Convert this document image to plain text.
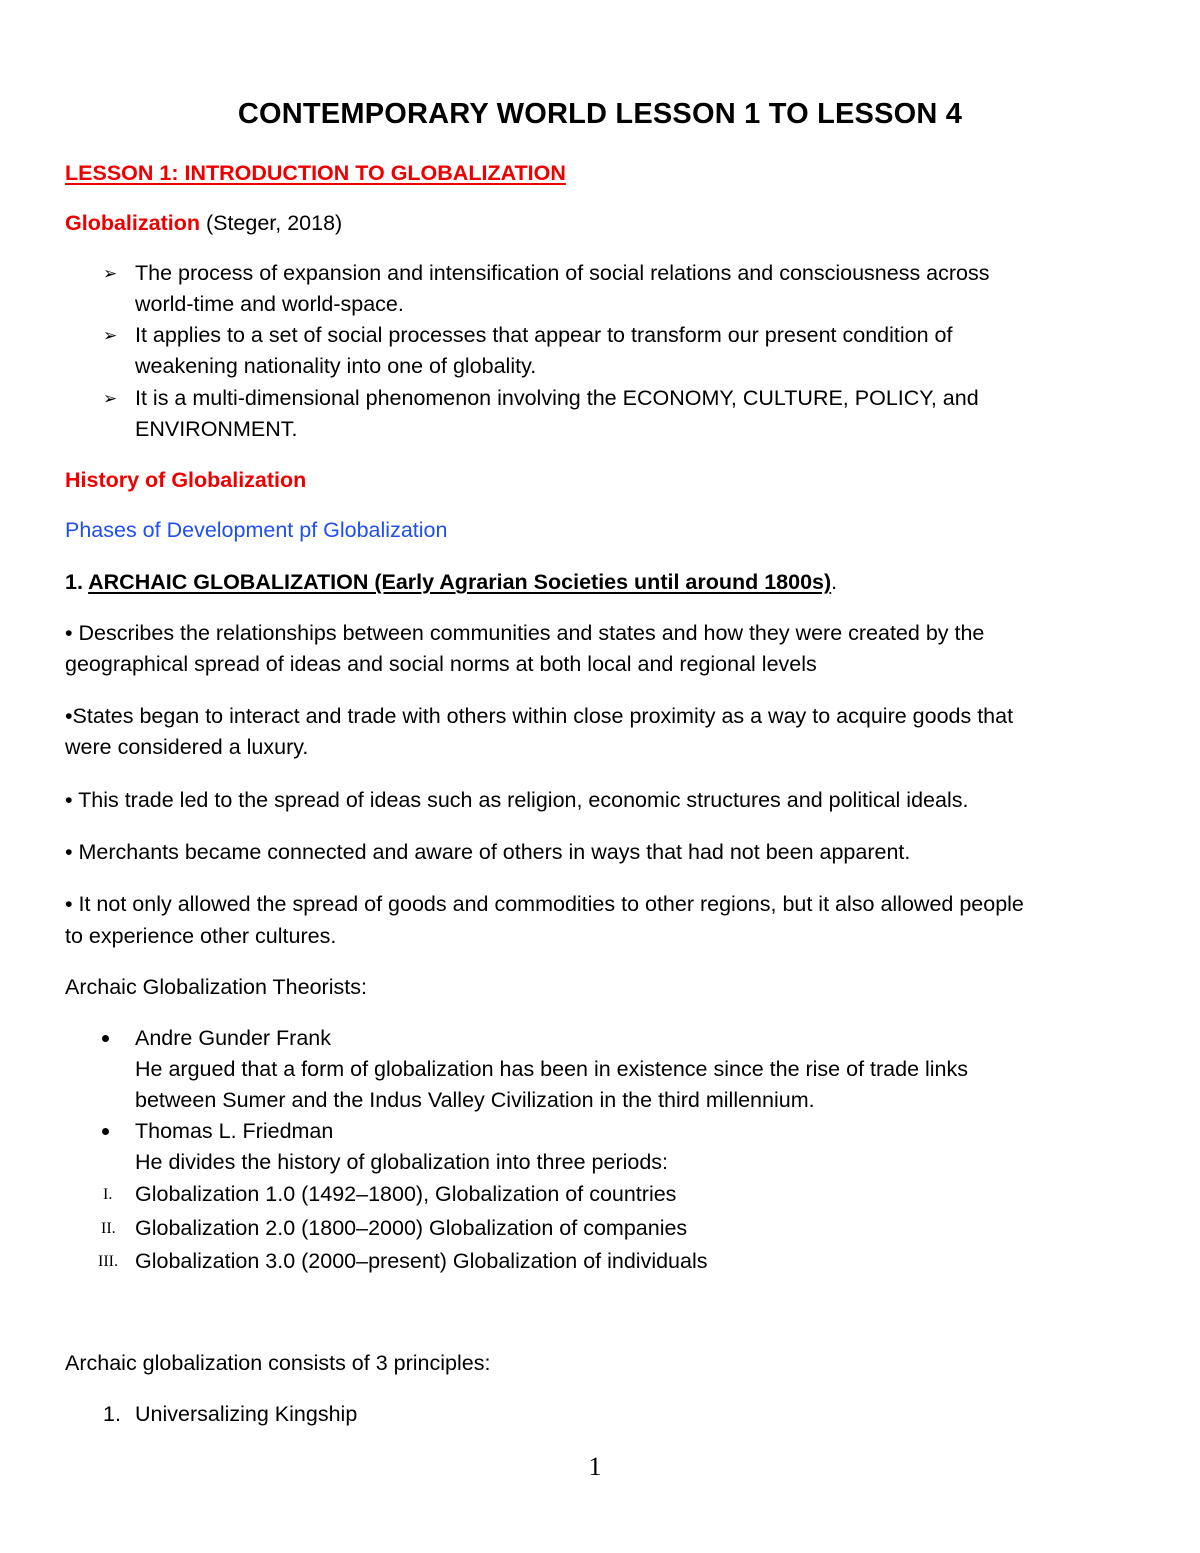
CONTEMPORARY WORLD LESSON 1 TO LESSON 4
LESSON 1: INTRODUCTION TO GLOBALIZATION
Globalization (Steger, 2018)
➢ The process of expansion and intensification of social relations and consciousness across
world-time and world-space.
➢ It applies to a set of social processes that appear to transform our present condition of
weakening nationality into one of globality.
➢ It is a multi-dimensional phenomenon involving the ECONOMY, CULTURE, POLICY, and
ENVIRONMENT.
History of Globalization
Phases of Development pf Globalization
1. ARCHAIC GLOBALIZATION (Early Agrarian Societies until around 1800s).
• Describes the relationships between communities and states and how they were created by the
geographical spread of ideas and social norms at both local and regional levels
•States began to interact and trade with others within close proximity as a way to acquire goods that
were considered a luxury.
• This trade led to the spread of ideas such as religion, economic structures and political ideals.
• Merchants became connected and aware of others in ways that had not been apparent.
• It not only allowed the spread of goods and commodities to other regions, but it also allowed people
to experience other cultures.
Archaic Globalization Theorists:
Andre Gunder Frank
He argued that a form of globalization has been in existence since the rise of trade links
between Sumer and the Indus Valley Civilization in the third millennium.
Thomas L. Friedman
He divides the history of globalization into three periods:
I. Globalization 1.0 (1492–1800), Globalization of countries
II. Globalization 2.0 (1800–2000) Globalization of companies
III. Globalization 3.0 (2000–present) Globalization of individuals
Archaic globalization consists of 3 principles:
1. Universalizing Kingship
1
